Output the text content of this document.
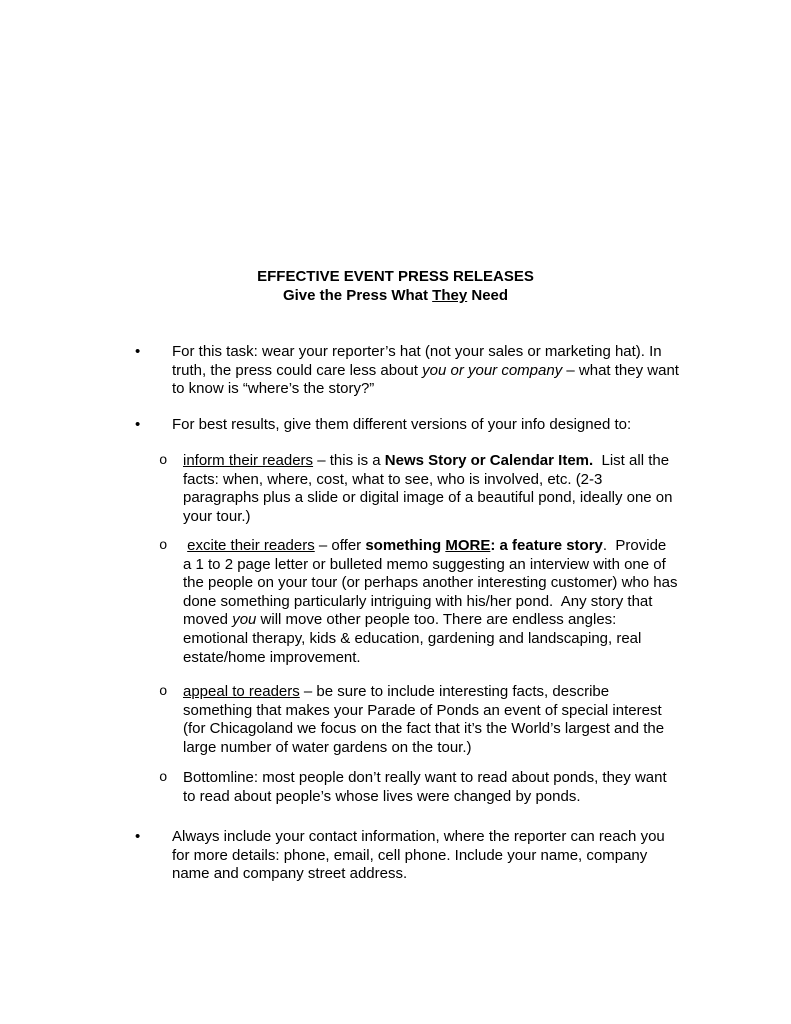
EFFECTIVE EVENT PRESS RELEASES
Give the Press What They Need
• For this task: wear your reporter’s hat (not your sales or marketing hat). In
truth, the press could care less about you or your company – what they want
to know is “where’s the story?”
• For best results, give them different versions of your info designed to:
o inform their readers – this is a News Story or Calendar Item.  List all the
facts: when, where, cost, what to see, who is involved, etc. (2-3
paragraphs plus a slide or digital image of a beautiful pond, ideally one on
your tour.)
o excite their readers – offer something MORE: a feature story.  Provide
a 1 to 2 page letter or bulleted memo suggesting an interview with one of
the people on your tour (or perhaps another interesting customer) who has
done something particularly intriguing with his/her pond.  Any story that
moved you will move other people too. There are endless angles:
emotional therapy, kids & education, gardening and landscaping, real
estate/home improvement.
o appeal to readers – be sure to include interesting facts, describe
something that makes your Parade of Ponds an event of special interest
(for Chicagoland we focus on the fact that it’s the World’s largest and the
large number of water gardens on the tour.)
o Bottomline: most people don’t really want to read about ponds, they want
to read about people’s whose lives were changed by ponds.
• Always include your contact information, where the reporter can reach you
for more details: phone, email, cell phone. Include your name, company
name and company street address.
